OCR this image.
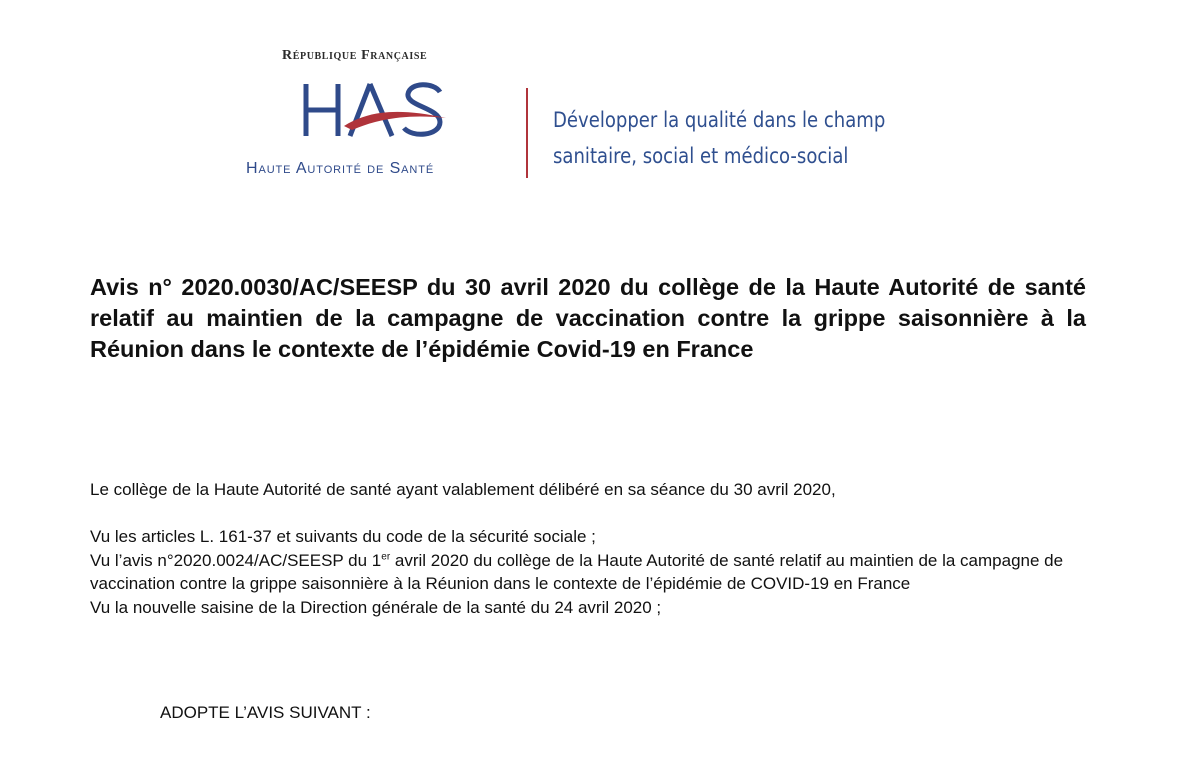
République Française
Haute Autorité de Santé
Développer la qualité dans le champ
sanitaire, social et médico-social
Avis n° 2020.0030/AC/SEESP du 30 avril 2020 du collège de la Haute Autorité de santé relatif au maintien de la campagne de vaccination contre la grippe saisonnière à la Réunion dans le contexte de l’épidémie Covid-19 en France
Le collège de la Haute Autorité de santé ayant valablement délibéré en sa séance du 30 avril 2020,

Vu les articles L. 161-37 et suivants du code de la sécurité sociale ;

Vu l’avis n°2020.0024/AC/SEESP du 1er avril 2020 du collège de la Haute Autorité de santé relatif au maintien de la campagne de vaccination contre la grippe saisonnière à la Réunion dans le contexte de l’épidémie de COVID-19 en France

Vu la nouvelle saisine de la Direction générale de la santé du 24 avril 2020 ;

ADOPTE L’AVIS SUIVANT :
